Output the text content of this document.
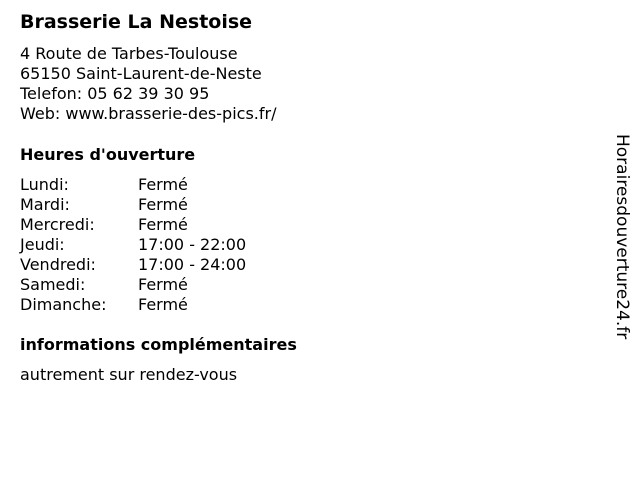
Brasserie La Nestoise
4 Route de Tarbes-Toulouse
65150 Saint-Laurent-de-Neste
Telefon: 05 62 39 30 95
Web: www.brasserie-des-pics.fr/
Heures d'ouverture
Lundi:	Fermé
Mardi:	Fermé
Mercredi:	Fermé
Jeudi:	17:00 - 22:00
Vendredi:	17:00 - 24:00
Samedi:	Fermé
Dimanche: Fermé
informations complémentaires
autrement sur rendez-vous
Horairesdouverture24.fr
